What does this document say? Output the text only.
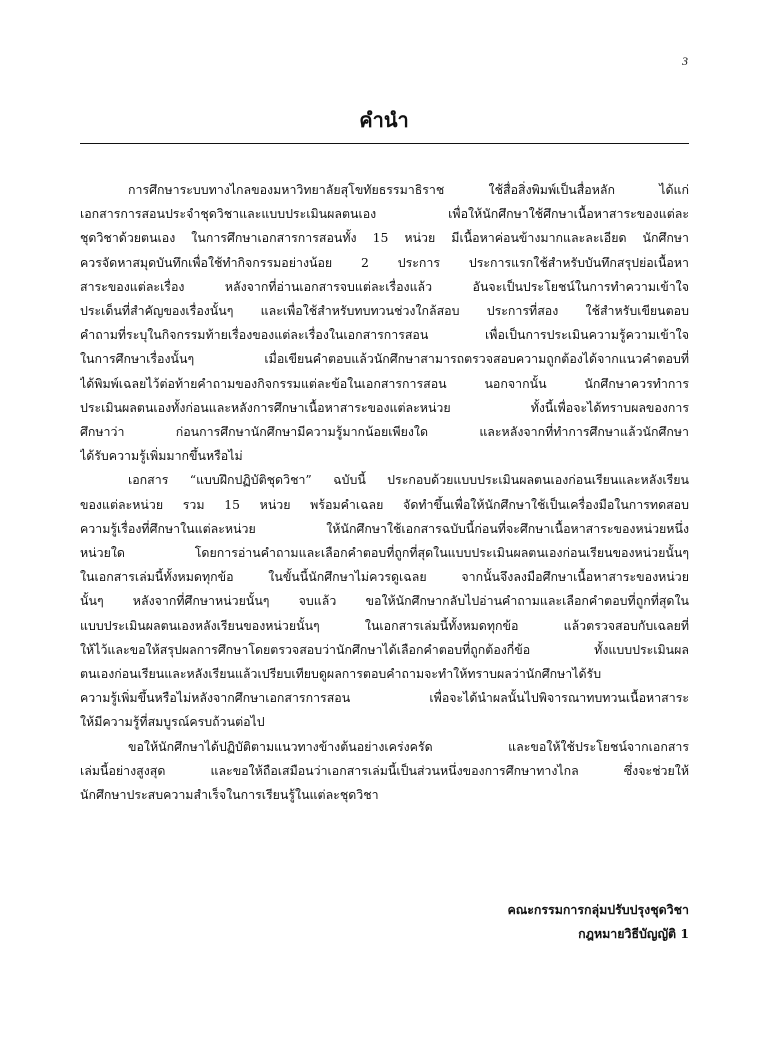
3
คำนำ
การศึกษาระบบทางไกลของมหาวิทยาลัยสุโขทัยธรรมาธิราช ใช้สื่อสิ่งพิมพ์เป็นสื่อหลัก ได้แก่
เอกสารการสอนประจำชุดวิชาและแบบประเมินผลตนเอง เพื่อให้นักศึกษาใช้ศึกษาเนื้อหาสาระของแต่ละ
ชุดวิชาด้วยตนเอง ในการศึกษาเอกสารการสอนทั้ง 15 หน่วย มีเนื้อหาค่อนข้างมากและละเอียด นักศึกษา
ควรจัดหาสมุดบันทึกเพื่อใช้ทำกิจกรรมอย่างน้อย 2 ประการ ประการแรกใช้สำหรับบันทึกสรุปย่อเนื้อหา
สาระของแต่ละเรื่อง หลังจากที่อ่านเอกสารจบแต่ละเรื่องแล้ว อันจะเป็นประโยชน์ในการทำความเข้าใจ
ประเด็นที่สำคัญของเรื่องนั้นๆ และเพื่อใช้สำหรับทบทวนช่วงใกล้สอบ ประการที่สอง ใช้สำหรับเขียนตอบ
คำถามที่ระบุในกิจกรรมท้ายเรื่องของแต่ละเรื่องในเอกสารการสอน เพื่อเป็นการประเมินความรู้ความเข้าใจ
ในการศึกษาเรื่องนั้นๆ เมื่อเขียนคำตอบแล้วนักศึกษาสามารถตรวจสอบความถูกต้องได้จากแนวคำตอบที่
ได้พิมพ์เฉลยไว้ต่อท้ายคำถามของกิจกรรมแต่ละข้อในเอกสารการสอน นอกจากนั้น นักศึกษาควรทำการ
ประเมินผลตนเองทั้งก่อนและหลังการศึกษาเนื้อหาสาระของแต่ละหน่วย ทั้งนี้เพื่อจะได้ทราบผลของการ
ศึกษาว่า ก่อนการศึกษานักศึกษามีความรู้มากน้อยเพียงใด และหลังจากที่ทำการศึกษาแล้วนักศึกษา
ได้รับความรู้เพิ่มมากขึ้นหรือไม่
เอกสาร “แบบฝึกปฏิบัติชุดวิชา” ฉบับนี้ ประกอบด้วยแบบประเมินผลตนเองก่อนเรียนและหลังเรียน
ของแต่ละหน่วย รวม 15 หน่วย พร้อมคำเฉลย จัดทำขึ้นเพื่อให้นักศึกษาใช้เป็นเครื่องมือในการทดสอบ
ความรู้เรื่องที่ศึกษาในแต่ละหน่วย ให้นักศึกษาใช้เอกสารฉบับนี้ก่อนที่จะศึกษาเนื้อหาสาระของหน่วยหนึ่ง
หน่วยใด โดยการอ่านคำถามและเลือกคำตอบที่ถูกที่สุดในแบบประเมินผลตนเองก่อนเรียนของหน่วยนั้นๆ
ในเอกสารเล่มนี้ทั้งหมดทุกข้อ ในขั้นนี้นักศึกษาไม่ควรดูเฉลย จากนั้นจึงลงมือศึกษาเนื้อหาสาระของหน่วย
นั้นๆ หลังจากที่ศึกษาหน่วยนั้นๆ จบแล้ว ขอให้นักศึกษากลับไปอ่านคำถามและเลือกคำตอบที่ถูกที่สุดใน
แบบประเมินผลตนเองหลังเรียนของหน่วยนั้นๆ ในเอกสารเล่มนี้ทั้งหมดทุกข้อ แล้วตรวจสอบกับเฉลยที่
ให้ไว้และขอให้สรุปผลการศึกษาโดยตรวจสอบว่านักศึกษาได้เลือกคำตอบที่ถูกต้องกี่ข้อ ทั้งแบบประเมินผล
ตนเองก่อนเรียนและหลังเรียนแล้วเปรียบเทียบดูผลการตอบคำถามจะทำให้ทราบผลว่านักศึกษาได้รับ
ความรู้เพิ่มขึ้นหรือไม่หลังจากศึกษาเอกสารการสอน เพื่อจะได้นำผลนั้นไปพิจารณาทบทวนเนื้อหาสาระ
ให้มีความรู้ที่สมบูรณ์ครบถ้วนต่อไป
ขอให้นักศึกษาได้ปฏิบัติตามแนวทางข้างต้นอย่างเคร่งครัด และขอให้ใช้ประโยชน์จากเอกสาร
เล่มนี้อย่างสูงสุด และขอให้ถือเสมือนว่าเอกสารเล่มนี้เป็นส่วนหนึ่งของการศึกษาทางไกล ซึ่งจะช่วยให้
นักศึกษาประสบความสำเร็จในการเรียนรู้ในแต่ละชุดวิชา
คณะกรรมการกลุ่มปรับปรุงชุดวิชา
กฎหมายวิธีบัญญัติ 1
